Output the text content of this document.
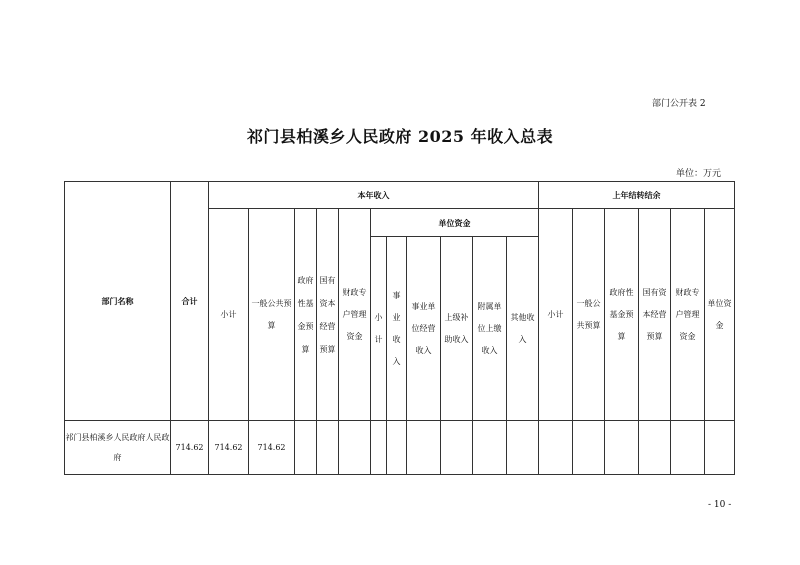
部门公开表 2
祁门县柏溪乡人民政府 2025 年收入总表
单位：万元
部门名称	合计	本年收入											上年结转结余					

		小计	一般公共预算	政府性基金预算	国有资本经营预算	财政专户管理资金	单位资金						小计	一般公共预算	政府性基金预算	国有资本经营预算	财政专户管理资金	单位资金

							小计	事业收入	事业单位经营收入	上级补助收入	附属单位上缴收入	其他收入						

祁门县柏溪乡人民政府人民政府	714.62	714.62	714.62															
- 10 -
